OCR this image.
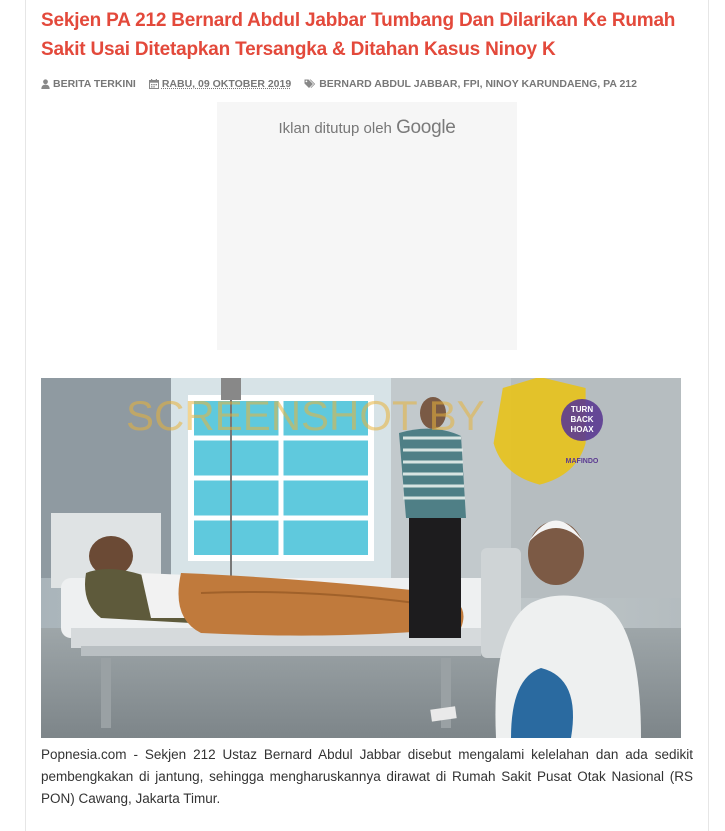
Sekjen PA 212 Bernard Abdul Jabbar Tumbang Dan Dilarikan Ke Rumah Sakit Usai Ditetapkan Tersangka & Ditahan Kasus Ninoy K
BERITA TERKINI RABU, 09 OKTOBER 2019	BERNARD ABDUL JABBAR, FPI, NINOY KARUNDAENG, PA 212
Iklan ditutup oleh Google
SCREENSHOT BY	TURN
BACK
HOAX
MAFINDO

Popnesia.com - Sekjen 212 Ustaz Bernard Abdul Jabbar disebut mengalami kelelahan dan ada sedikit pembengkakan di jantung, sehingga mengharuskannya dirawat di Rumah Sakit Pusat Otak Nasional (RS PON) Cawang, Jakarta Timur.
